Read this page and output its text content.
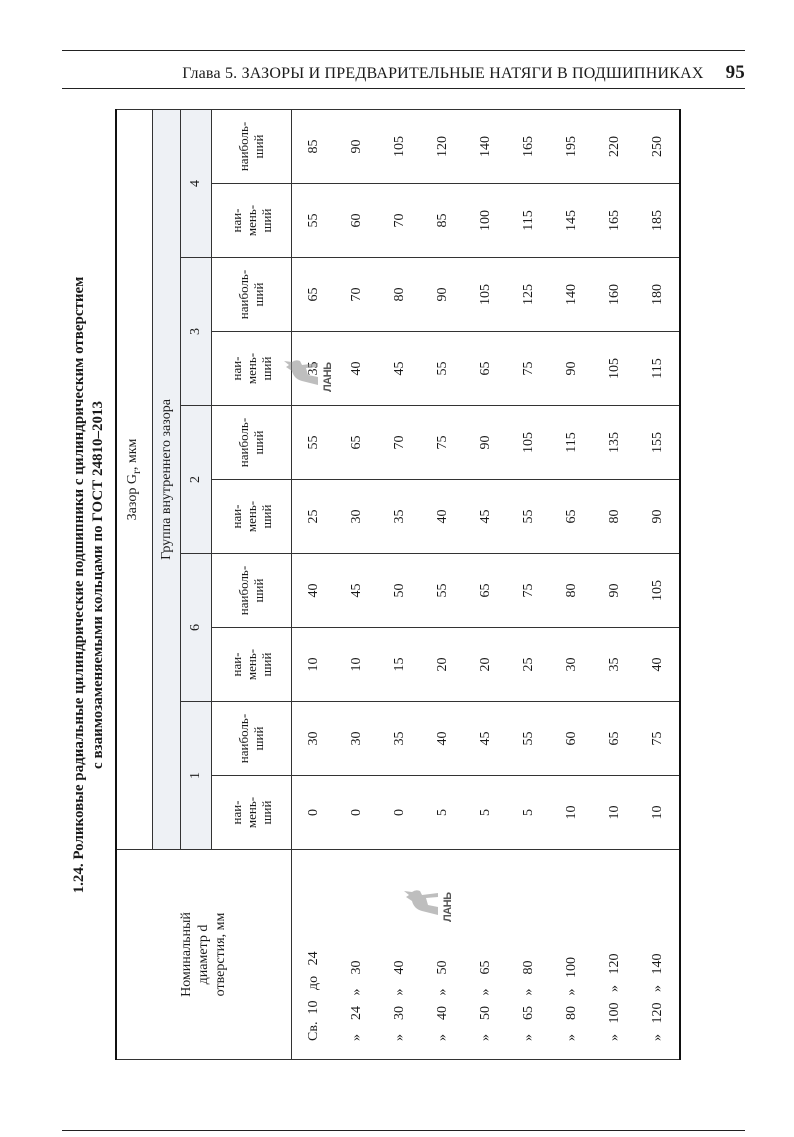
Глава 5. ЗАЗОРЫ И ПРЕДВАРИТЕЛЬНЫЕ НАТЯГИ В ПОДШИПНИКАХ 95
1.24. Роликовые радиальные цилиндрические подшипники с цилиндрическим отверстием с взаимозаменяемыми кольцами по ГОСТ 24810–2013
Номинальный диаметр d отверстия, мм	Зазор $G_r$, мкм									
	Группа внутреннего зазора									
	1		6		2		3		4	
	наи-
мень-
ший	наиболь-
ший	наи-
мень-
ший	наиболь-
ший	наи-
мень-
ший	наиболь-
ший	наи-
мень-
ший	наиболь-
ший	наи-
мень-
ший	наиболь-
ший
Св.  10   до   24	0	30	10	40	25	55	35	65	55	85
»    24   »    30	0	30	10	45	30	65	40	70	60	90
»    30   »    40	0	35	15	50	35	70	45	80	70	105
»    40   »    50	5	40	20	55	40	75	55	90	85	120
»    50   »    65	5	45	20	65	45	90	65	105	100	140
»    65   »    80	5	55	25	75	55	105	75	125	115	165
»    80   »   100	10	60	30	80	65	115	90	140	145	195
»   100   »   120	10	65	35	90	80	135	105	160	165	220
»   120   »   140	10	75	40	105	90	155	115	180	185	250
ЛАНЬ
ЛАНЬ
